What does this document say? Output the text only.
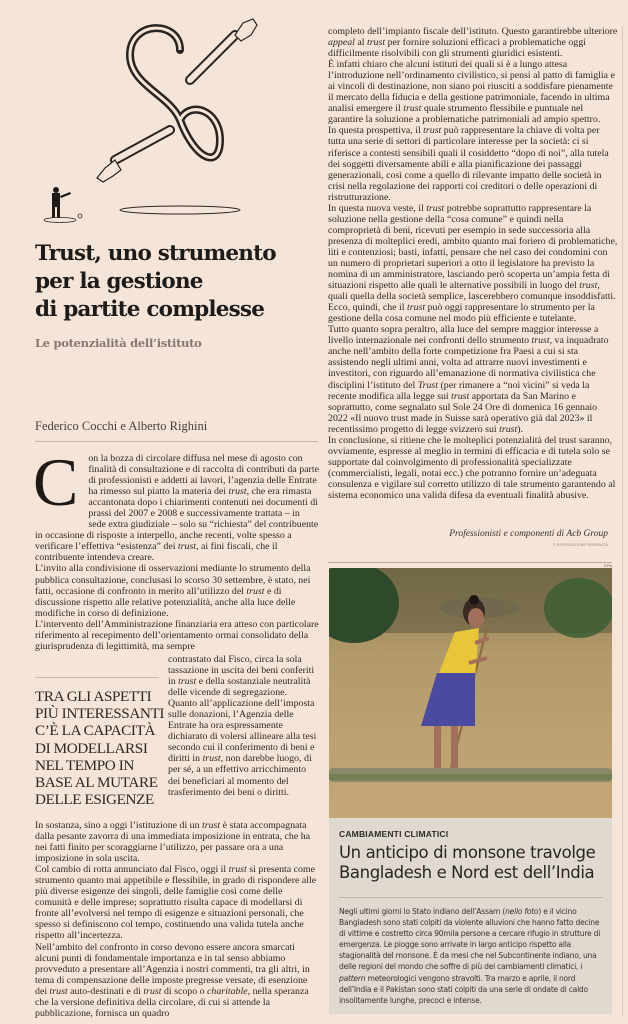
Trust, uno strumento
per la gestione
di partite complesse

Le potenzialità dell’istituto

Federico Cocchi e Alberto Righini
C	on la bozza di circolare diffusa nel mese di agosto con finalità di consultazione e di raccolta di contributi da parte di professionisti e addetti ai lavori, l’agenzia delle Entrate ha rimesso sul piatto la materia dei trust, che era rimasta accantonata dopo i chiarimenti contenuti nei documenti di prassi del 2007 e 2008 e successivamente trattata – in sede extra giudiziale – solo su “richiesta” del contribuente in occasione di risposte a interpello, anche recenti, volte spesso a verificare l’effettiva “esistenza” dei trust, ai fini fiscali, che il contribuente intendeva creare.

L’invito alla condivisione di osservazioni mediante lo strumento della pubblica consultazione, conclusasi lo scorso 30 settembre, è stato, nei fatti, occasione di confronto in merito all’utilizzo del trust e di discussione rispetto alle relative potenzialità, anche alla luce delle modifiche in corso di definizione.

L’intervento dell’Amministrazione finanziaria era atteso con particolare riferimento al recepimento dell’orientamento ormai consolidato della giurisprudenza di legittimità, ma sempre

TRA GLI ASPETTI PIÙ INTERESSANTI C’È LA CAPACITÀ DI MODELLARSI NEL TEMPO IN BASE AL MUTARE DELLE ESIGENZE

contrastato dal Fisco, circa la sola tassazione in uscita dei beni conferiti in trust e della sostanziale neutralità delle vicende di segregazione.

Quanto all’applicazione dell’imposta sulle donazioni, l’Agenzia delle Entrate ha ora espressamente dichiarato di volersi allineare alla tesi secondo cui il conferimento di beni e diritti in trust, non darebbe luogo, di per sé, a un effettivo arricchimento dei beneficiari al momento del trasferimento dei beni o diritti.

In sostanza, sino a oggi l’istituzione di un trust è stata accompagnata dalla pesante zavorra di una immediata imposizione in entrata, che ha nei fatti finito per scoraggiarne l’utilizzo, per passare ora a una imposizione in sola uscita.

Col cambio di rotta annunciato dal Fisco, oggi il trust si presenta come strumento quanto mai appetibile e flessibile, in grado di rispondere alle più diverse esigenze dei singoli, delle famiglie così come delle comunità e delle imprese; soprattutto risulta capace di modellarsi di fronte all’evolversi nel tempo di esigenze e situazioni personali, che spesso si definiscono col tempo, costituendo una valida tutela anche rispetto all’incertezza.

Nell’ambito del confronto in corso devono essere ancora smarcati alcuni punti di fondamentale importanza e in tal senso abbiamo provveduto a presentare all’Agenzia i nostri commenti, tra gli altri, in tema di compensazione delle imposte pregresse versate, di esenzione dei trust auto-destinati e di trust di scopo o charitable, nella speranza che la versione definitiva della circolare, di cui si attende la pubblicazione, fornisca un quadro

completo dell’impianto fiscale dell’istituto. Questo garantirebbe ulteriore appeal al trust per fornire soluzioni efficaci a problematiche oggi difficilmente risolvibili con gli strumenti giuridici esistenti.

È infatti chiaro che alcuni istituti dei quali si è a lungo attesa l’introduzione nell’ordinamento civilistico, si pensi al patto di famiglia e ai vincoli di destinazione, non siano poi riusciti a soddisfare pienamente il mercato della fiducia e della gestione patrimoniale, facendo in ultima analisi emergere il trust quale strumento flessibile e puntuale nel garantire la soluzione a problematiche patrimoniali ad ampio spettro.

In questa prospettiva, il trust può rappresentare la chiave di volta per tutta una serie di settori di particolare interesse per la società: ci si riferisce a contesti sensibili quali il cosiddetto “dopo di noi”, alla tutela dei soggetti diversamente abili e alla pianificazione dei passaggi generazionali, così come a quello di rilevante impatto delle società in crisi nella regolazione dei rapporti coi creditori o delle operazioni di ristrutturazione.

In questa nuova veste, il trust potrebbe soprattutto rappresentare la soluzione nella gestione della “cosa comune” e quindi nella comproprietà di beni, ricevuti per esempio in sede successoria alla presenza di molteplici eredi, ambito quanto mai foriero di problematiche, liti e contenziosi; basti, infatti, pensare che nel caso dei condomini con un numero di proprietari superiori a otto il legislatore ha previsto la nomina di un amministratore, lasciando però scoperta un’ampia fetta di situazioni rispetto alle quali le alternative possibili in luogo del trust, quali quella della società semplice, lascerebbero comunque insoddisfatti. Ecco, quindi, che il trust può oggi rappresentare lo strumento per la gestione della cosa comune nel modo più efficiente e tutelante.

Tutto quanto sopra peraltro, alla luce del sempre maggior interesse a livello internazionale nei confronti dello strumento trust, va inquadrato anche nell’ambito della forte competizione fra Paesi a cui si sta assistendo negli ultimi anni, volta ad attrarre nuovi investimenti e investitori, con riguardo all’emanazione di normativa civilistica che disciplini l’istituto del Trust (per rimanere a “noi vicini” si veda la recente modifica alla legge sui trust apportata da San Marino e soprattutto, come segnalato sul Sole 24 Ore di domenica 16 gennaio 2022 «Il nuovo trust made in Suisse sarà operativo già dal 2023» il recentissimo progetto di legge svizzero sui trust).

In conclusione, si ritiene che le molteplici potenzialità del trust saranno, ovviamente, espresse al meglio in termini di efficacia e di tutela solo se supportate dal coinvolgimento di professionalità specializzate (commercialisti, legali, notai ecc.) che potranno fornire un’adeguata consulenza e vigilare sul corretto utilizzo di tale strumento garantendo al sistema economico una valida difesa da eventuali finalità abusive.

Professionisti e componenti di Acb Group
© RIPRODUZIONE RISERVATA
EPA
CAMBIAMENTI CLIMATICI
Un anticipo di monsone travolge Bangladesh e Nord est dell’India

Negli ultimi giorni lo Stato indiano dell’Assam (nello foto) e il vicino Bangladesh sono stati colpiti da violente alluvioni che hanno fatto decine di vittime e costretto circa 90mila persone a cercare rifugio in strutture di emergenza. Le piogge sono arrivate in largo anticipo rispetto alla stagionalità del monsone. È da mesi che nel Subcontinente indiano, una delle regioni del mondo che soffre di più dei cambiamenti climatici, i pattern meteorologici vengono stravolti. Tra marzo e aprile, il nord dell’India e il Pakistan sono stati colpiti da una serie di ondate di caldo insolitamente lunghe, precoci e intense.
